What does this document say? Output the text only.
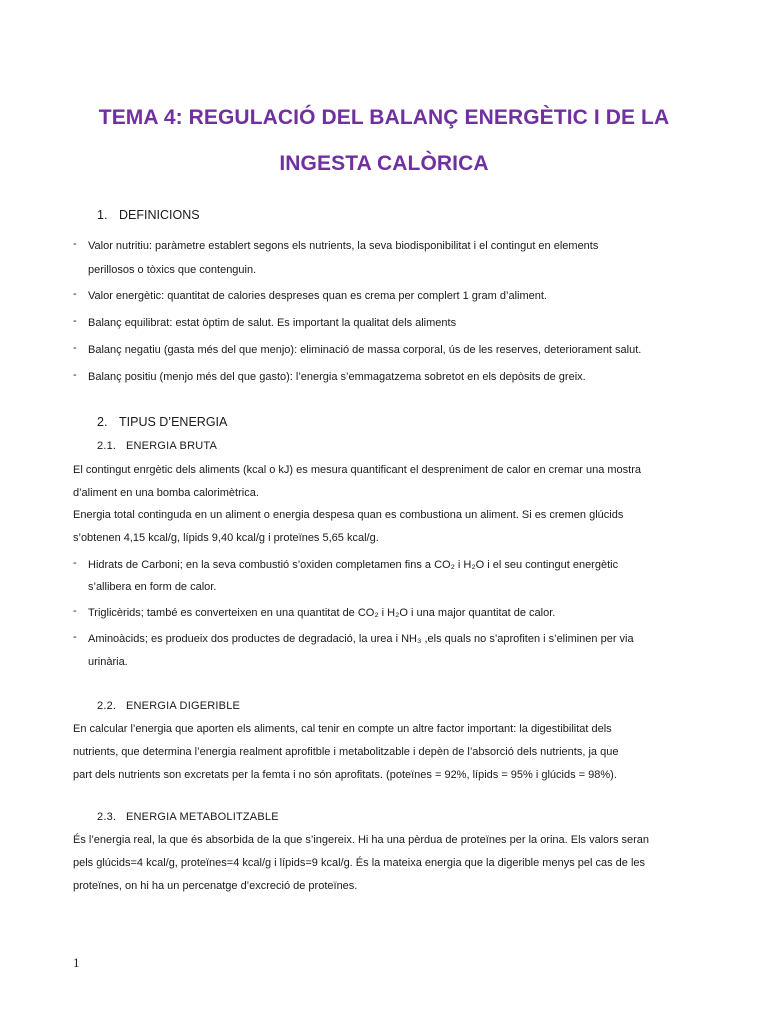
TEMA 4: REGULACIÓ DEL BALANÇ ENERGÈTIC I DE LA
INGESTA CALÒRICA
1. DEFINICIONS
- Valor nutritiu: paràmetre establert segons els nutrients, la seva biodisponibilitat i el contingut en elements
perillosos o tòxics que contenguin.
- Valor energètic: quantitat de calories despreses quan es crema per complert 1 gram d’aliment.
- Balanç equilibrat: estat òptim de salut. Es important la qualitat dels aliments
- Balanç negatiu (gasta més del que menjo): eliminació de massa corporal, ús de les reserves, deteriorament salut.
- Balanç positiu (menjo més del que gasto): l’energia s’emmagatzema sobretot en els depòsits de greix.
2. TIPUS D’ENERGIA
2.1. ENERGIA BRUTA
El contingut enrgètic dels aliments (kcal o kJ) es mesura quantificant el despreniment de calor en cremar una mostra
d’aliment en una bomba calorimètrica.
Energia total continguda en un aliment o energia despesa quan es combustiona un aliment. Si es cremen glúcids
s’obtenen 4,15 kcal/g, lípids 9,40 kcal/g i proteïnes 5,65 kcal/g.
- Hidrats de Carboni; en la seva combustió s’oxiden completamen fins a CO₂ i H₂O i el seu contingut energètic
s’allibera en form de calor.
- Triglicèrids; també es converteixen en una quantitat de CO₂ i H₂O i una major quantitat de calor.
- Aminoàcids; es produeix dos productes de degradació, la urea i NH₃ ,els quals no s’aprofiten i s’eliminen per via
urinària.
2.2. ENERGIA DIGERIBLE
En calcular l’energia que aporten els aliments, cal tenir en compte un altre factor important: la digestibilitat dels
nutrients, que determina l’energia realment aprofitble i metabolitzable i depèn de l’absorció dels nutrients, ja que
part dels nutrients son excretats per la femta i no són aprofitats. (poteïnes = 92%, lípids = 95% i glúcids = 98%).
2.3. ENERGIA METABOLITZABLE
És l’energia real, la que és absorbida de la que s’ingereix. Hi ha una pèrdua de proteïnes per la orina. Els valors seran
pels glúcids=4 kcal/g, proteïnes=4 kcal/g i lípids=9 kcal/g. És la mateixa energia que la digerible menys pel cas de les
proteïnes, on hi ha un percenatge d’excreció de proteïnes.
1
